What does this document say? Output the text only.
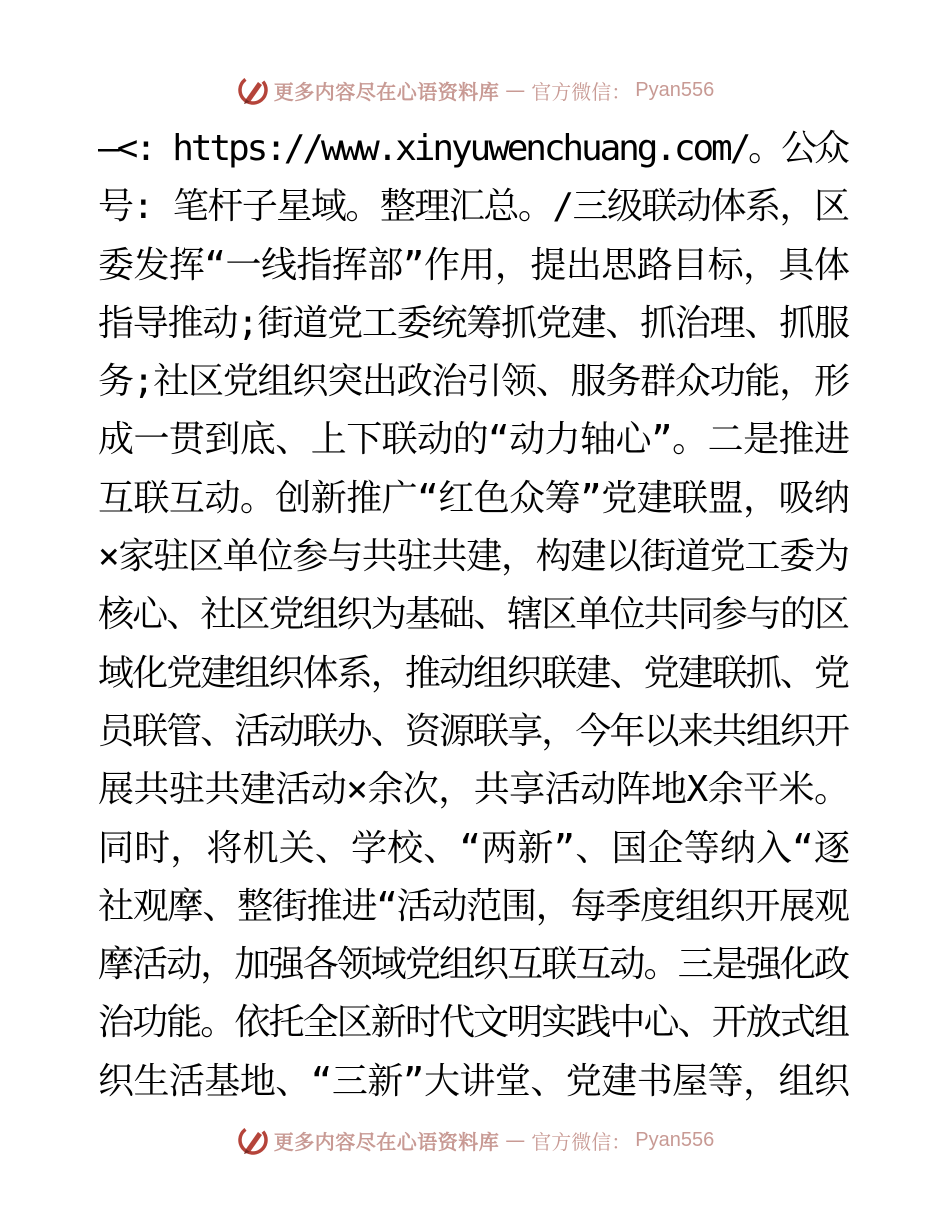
更多内容尽在心语资料库 — 官方微信： Pyan556
—<: https://www.xinyuwenchuang.com/。公众
号: 笔杆子星域。整理汇总。/三级联动体系，区
委发挥“一线指挥部”作用，提出思路目标，具体
指导推动;街道党工委统筹抓党建、抓治理、抓服
务;社区党组织突出政治引领、服务群众功能，形
成一贯到底、上下联动的“动力轴心”。二是推进
互联互动。创新推广“红色众筹”党建联盟，吸纳
×家驻区单位参与共驻共建，构建以街道党工委为
核心、社区党组织为基础、辖区单位共同参与的区
域化党建组织体系，推动组织联建、党建联抓、党
员联管、活动联办、资源联享，今年以来共组织开
展共驻共建活动×余次，共享活动阵地X余平米。
同时，将机关、学校、“两新”、国企等纳入“逐
社观摩、整街推进“活动范围，每季度组织开展观
摩活动，加强各领域党组织互联互动。三是强化政
治功能。依托全区新时代文明实践中心、开放式组
织生活基地、“三新”大讲堂、党建书屋等，组织
更多内容尽在心语资料库 — 官方微信： Pyan556
